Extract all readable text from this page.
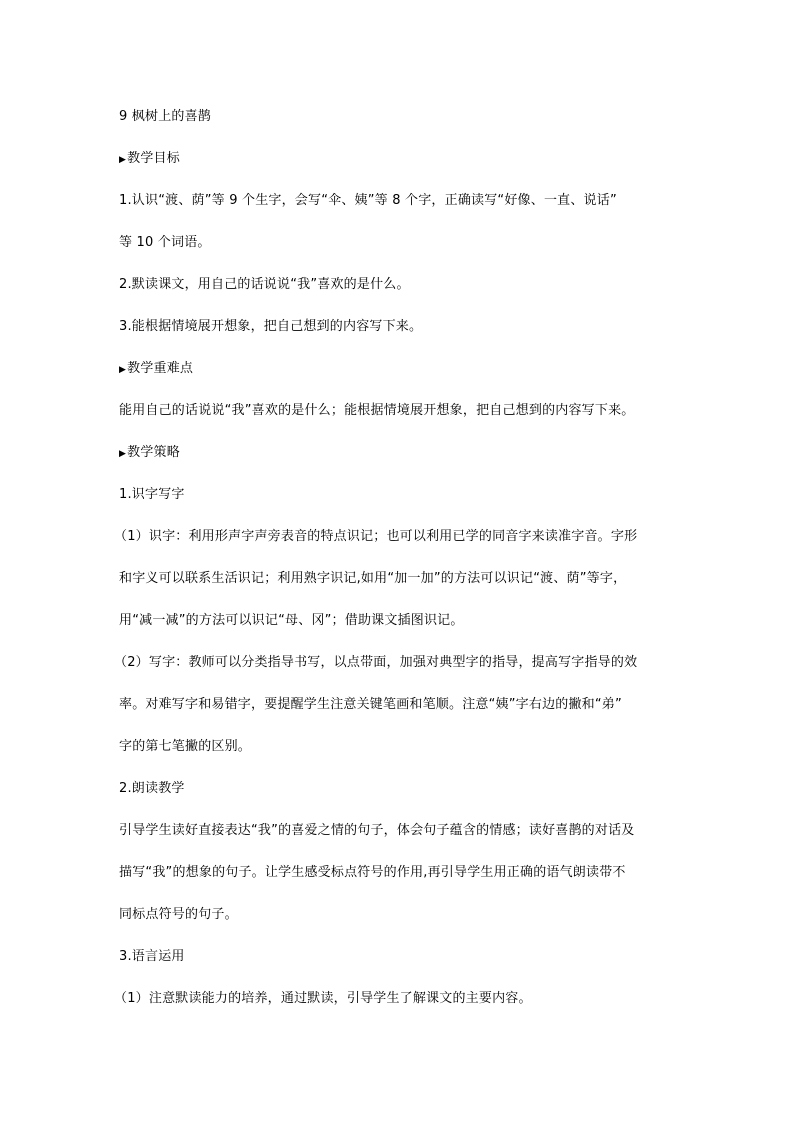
9 枫树上的喜鹊
▶教学目标
1.认识“渡、荫”等 9 个生字，会写“伞、姨”等 8 个字，正确读写“好像、一直、说话”
等 10 个词语。
2.默读课文，用自己的话说说“我”喜欢的是什么。
3.能根据情境展开想象，把自己想到的内容写下来。
▶教学重难点
能用自己的话说说“我”喜欢的是什么；能根据情境展开想象，把自己想到的内容写下来。
▶教学策略
1.识字写字
（1）识字：利用形声字声旁表音的特点识记；也可以利用已学的同音字来读准字音。字形
和字义可以联系生活识记；利用熟字识记,如用“加一加”的方法可以识记“渡、荫”等字，
用“减一减”的方法可以识记“母、冈”；借助课文插图识记。
（2）写字：教师可以分类指导书写，以点带面，加强对典型字的指导，提高写字指导的效
率。对难写字和易错字，要提醒学生注意关键笔画和笔顺。注意“姨”字右边的撇和“弟”
字的第七笔撇的区别。
2.朗读教学
引导学生读好直接表达“我”的喜爱之情的句子，体会句子蕴含的情感；读好喜鹊的对话及
描写“我”的想象的句子。让学生感受标点符号的作用,再引导学生用正确的语气朗读带不
同标点符号的句子。
3.语言运用
（1）注意默读能力的培养，通过默读，引导学生了解课文的主要内容。
